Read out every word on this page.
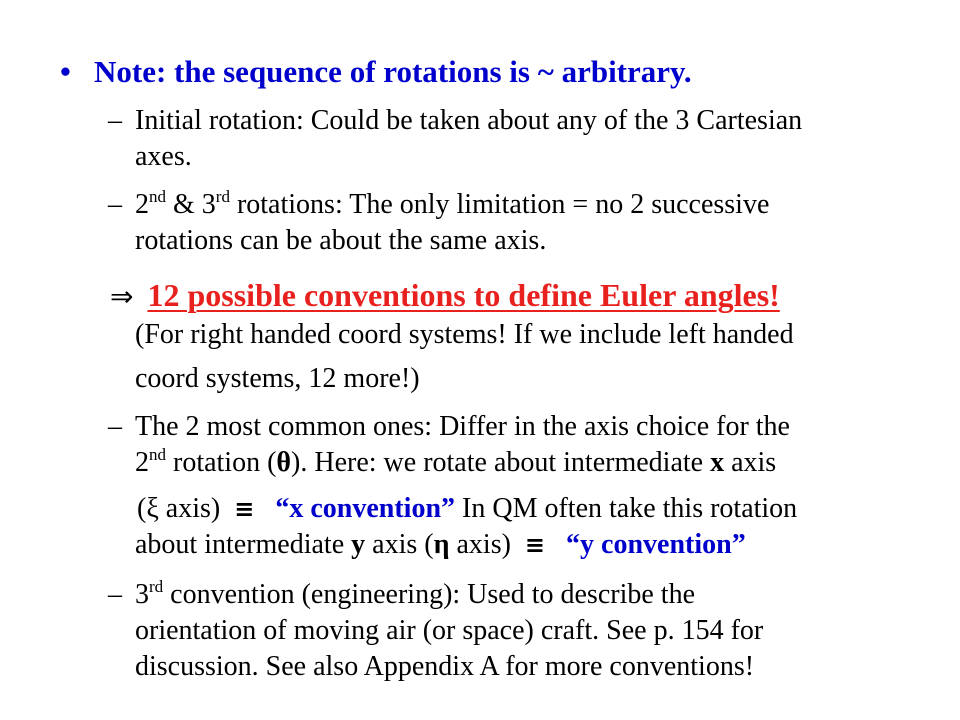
• Note: the sequence of rotations is ~ arbitrary.
– Initial rotation: Could be taken about any of the 3 Cartesian
axes.
– 2nd & 3rd rotations: The only limitation = no 2 successive
rotations can be about the same axis.
⇒ 12 possible conventions to define Euler angles!
(For right handed coord systems! If we include left handed
coord systems, 12 more!)
– The 2 most common ones: Differ in the axis choice for the
2nd rotation (θ). Here: we rotate about intermediate x axis
(ξ axis) ≡ “x convention” In QM often take this rotation
about intermediate y axis (η axis) ≡ “y convention”
– 3rd convention (engineering): Used to describe the
orientation of moving air (or space) craft. See p. 154 for
discussion. See also Appendix A for more conventions!
